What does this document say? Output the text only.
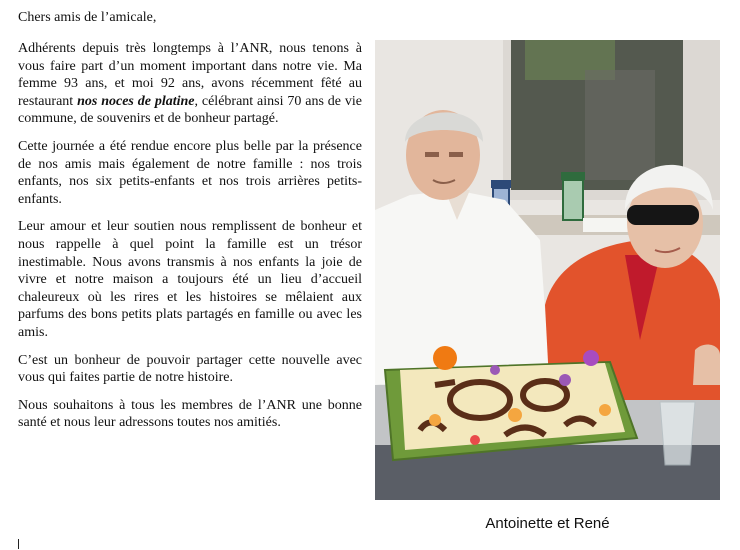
Chers amis de l’amicale,

Adhérents depuis très longtemps à l’ANR, nous tenons à vous faire part d’un moment important dans notre vie. Ma femme 93 ans, et moi 92 ans, avons récemment fêté au restaurant nos noces de platine, célébrant ainsi 70 ans de vie commune, de souvenirs et de bonheur partagé.

Cette journée a été rendue encore plus belle par la présence de nos amis mais également de notre famille : nos trois enfants, nos six petits-enfants et nos trois arrières petits-enfants.

Leur amour et leur soutien nous remplissent de bonheur et nous rappelle à quel point la famille est un trésor inestimable. Nous avons transmis à nos enfants la joie de vivre et notre maison a toujours été un lieu d’accueil chaleureux où les rires et les histoires se mêlaient aux parfums des bons petits plats partagés en famille ou avec les amis.

C’est un bonheur de pouvoir partager cette nouvelle avec vous qui faites partie de notre histoire.

Nous souhaitons à tous les membres de l’ANR une bonne santé et nous leur adressons toutes nos amitiés.

Antoinette et René
